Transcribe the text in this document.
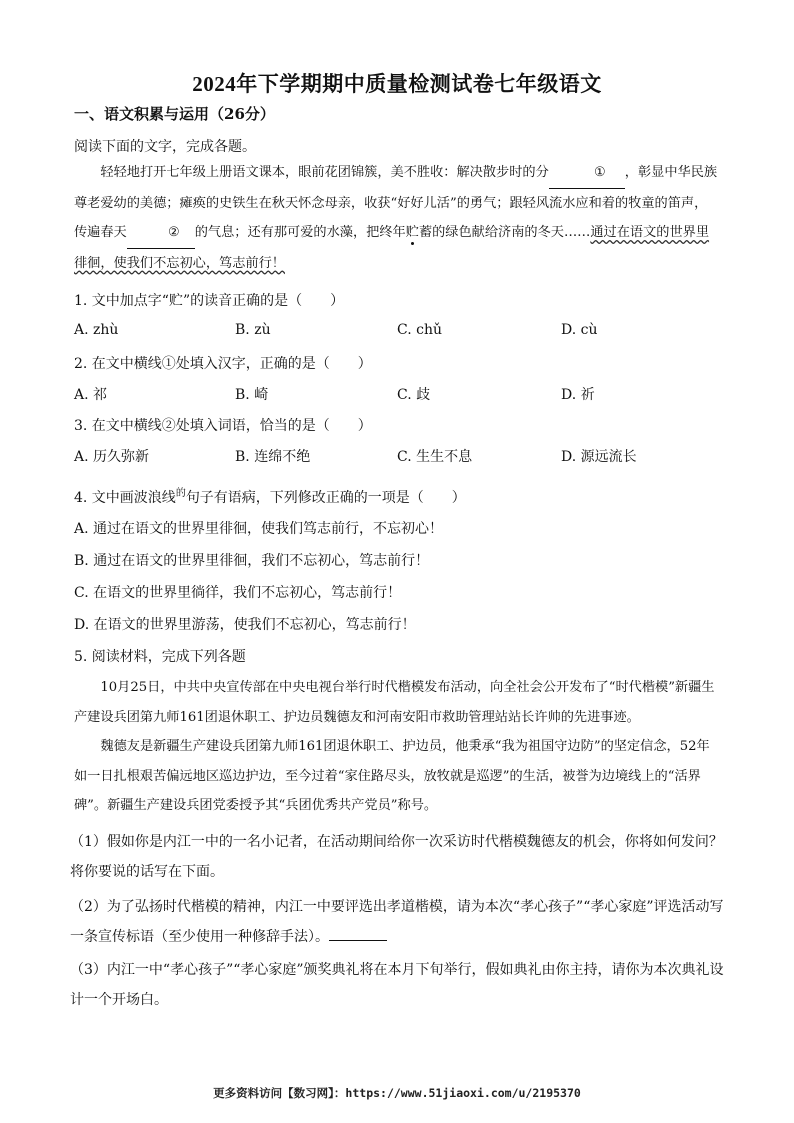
2024年下学期期中质量检测试卷七年级语文
一、语文积累与运用（26分）
阅读下面的文字，完成各题。

轻轻地打开七年级上册语文课本，眼前花团锦簇，美不胜收：解决散步时的分	① ，彰显中华民族尊老爱幼的美德；瘫痪的史铁生在秋天怀念母亲，收获“好好儿活”的勇气；跟轻风流水应和着的牧童的笛声，传遍春天	② 的气息；还有那可爱的水藻，把终年贮蓄的绿色献给济南的冬天……通过在语文的世界里徘徊，使我们不忘初心，笃志前行！

1. 文中加点字“贮”的读音正确的是（　　）
A. zhù	B. zù	C. chǔ	D. cù
2. 在文中横线①处填入汉字，正确的是（　　）
A. 祁	B. 崎	C. 歧	D. 祈
3. 在文中横线②处填入词语，恰当的是（　　）
A. 历久弥新	B. 连绵不绝	C. 生生不息	D. 源远流长
4. 文中画波浪线$^的$句子有语病，下列修改正确的一项是（　　）
A. 通过在语文的世界里徘徊，使我们笃志前行，不忘初心！
B. 通过在语文的世界里徘徊，我们不忘初心，笃志前行！
C. 在语文的世界里徜徉，我们不忘初心，笃志前行！
D. 在语文的世界里游荡，使我们不忘初心，笃志前行！
5. 阅读材料，完成下列各题

10月25日，中共中央宣传部在中央电视台举行时代楷模发布活动，向全社会公开发布了“时代楷模”新疆生产建设兵团第九师161团退休职工、护边员魏德友和河南安阳市救助管理站站长许帅的先进事迹。

魏德友是新疆生产建设兵团第九师161团退休职工、护边员，他秉承“我为祖国守边防”的坚定信念，52年如一日扎根艰苦偏远地区巡边护边，至今过着“家住路尽头，放牧就是巡逻”的生活，被誉为边境线上的“活界碑”。新疆生产建设兵团党委授予其“兵团优秀共产党员”称号。

（1）假如你是内江一中的一名小记者，在活动期间给你一次采访时代楷模魏德友的机会，你将如何发问？将你要说的话写在下面。

（2）为了弘扬时代楷模的精神，内江一中要评选出孝道楷模，请为本次“孝心孩子”“孝心家庭”评选活动写一条宣传标语（至少使用一种修辞手法）。

（3）内江一中“孝心孩子”“孝心家庭”颁奖典礼将在本月下旬举行，假如典礼由你主持，请你为本次典礼设计一个开场白。

更多资料访问【数习网】：https://www.51jiaoxi.com/u/2195370
